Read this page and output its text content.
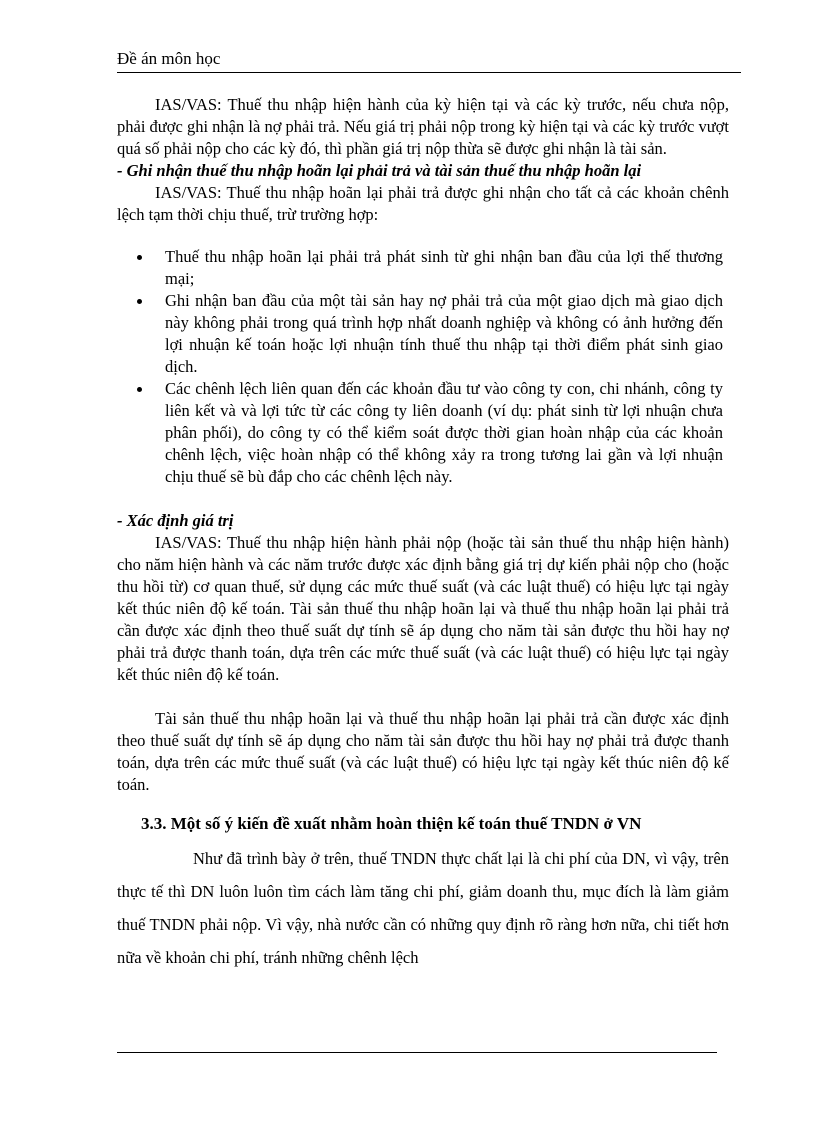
Đề án môn học

IAS/VAS: Thuế thu nhập hiện hành của kỳ hiện tại và các kỳ trước, nếu chưa nộp, phải được ghi nhận là nợ phải trả. Nếu giá trị phải nộp trong kỳ hiện tại và các kỳ trước vượt quá số phải nộp cho các kỳ đó, thì phần giá trị nộp thừa sẽ được ghi nhận là tài sản.

- Ghi nhận thuế thu nhập hoãn lại phải trả và tài sản thuế thu nhập hoãn lại

IAS/VAS: Thuế thu nhập hoãn lại phải trả được ghi nhận cho tất cả các khoản chênh lệch tạm thời chịu thuế, trừ trường hợp:

Thuế thu nhập hoãn lại phải trả phát sinh từ ghi nhận ban đầu của lợi thế thương mại;
Ghi nhận ban đầu của một tài sản hay nợ phải trả của một giao dịch mà giao dịch này không phải trong quá trình hợp nhất doanh nghiệp và không có ảnh hưởng đến lợi nhuận kế toán hoặc lợi nhuận tính thuế thu nhập tại thời điểm phát sinh giao dịch.
Các chênh lệch liên quan đến các khoản đầu tư vào công ty con, chi nhánh, công ty liên kết và và lợi tức từ các công ty liên doanh (ví dụ: phát sinh từ lợi nhuận chưa phân phối), do công ty có thể kiểm soát được thời gian hoàn nhập của các khoản chênh lệch, việc hoàn nhập có thể không xảy ra trong tương lai gần và lợi nhuận chịu thuế sẽ bù đắp cho các chênh lệch này.

- Xác định giá trị

IAS/VAS: Thuế thu nhập hiện hành phải nộp (hoặc tài sản thuế thu nhập hiện hành) cho năm hiện hành và các năm trước được xác định bằng giá trị dự kiến phải nộp cho (hoặc thu hồi từ) cơ quan thuế, sử dụng các mức thuế suất (và các luật thuế) có hiệu lực tại ngày kết thúc niên độ kế toán. Tài sản thuế thu nhập hoãn lại và thuế thu nhập hoãn lại phải trả cần được xác định theo thuế suất dự tính sẽ áp dụng cho năm tài sản được thu hồi hay nợ phải trả được thanh toán, dựa trên các mức thuế suất (và các luật thuế) có hiệu lực tại ngày kết thúc niên độ kế toán.

Tài sản thuế thu nhập hoãn lại và thuế thu nhập hoãn lại phải trả cần được xác định theo thuế suất dự tính sẽ áp dụng cho năm tài sản được thu hồi hay nợ phải trả được thanh toán, dựa trên các mức thuế suất (và các luật thuế) có hiệu lực tại ngày kết thúc niên độ kế toán.

3.3. Một số ý kiến đề xuất nhằm hoàn thiện kế toán thuế TNDN ở VN

Như đã trình bày ở trên, thuế TNDN thực chất lại là chi phí của DN, vì vậy, trên thực tế thì DN luôn luôn tìm cách làm tăng chi phí, giảm doanh thu, mục đích là làm giảm thuế TNDN phải nộp. Vì vậy, nhà nước cần có những quy định rõ ràng hơn nữa, chi tiết hơn nữa về khoản chi phí, tránh những chênh lệch
